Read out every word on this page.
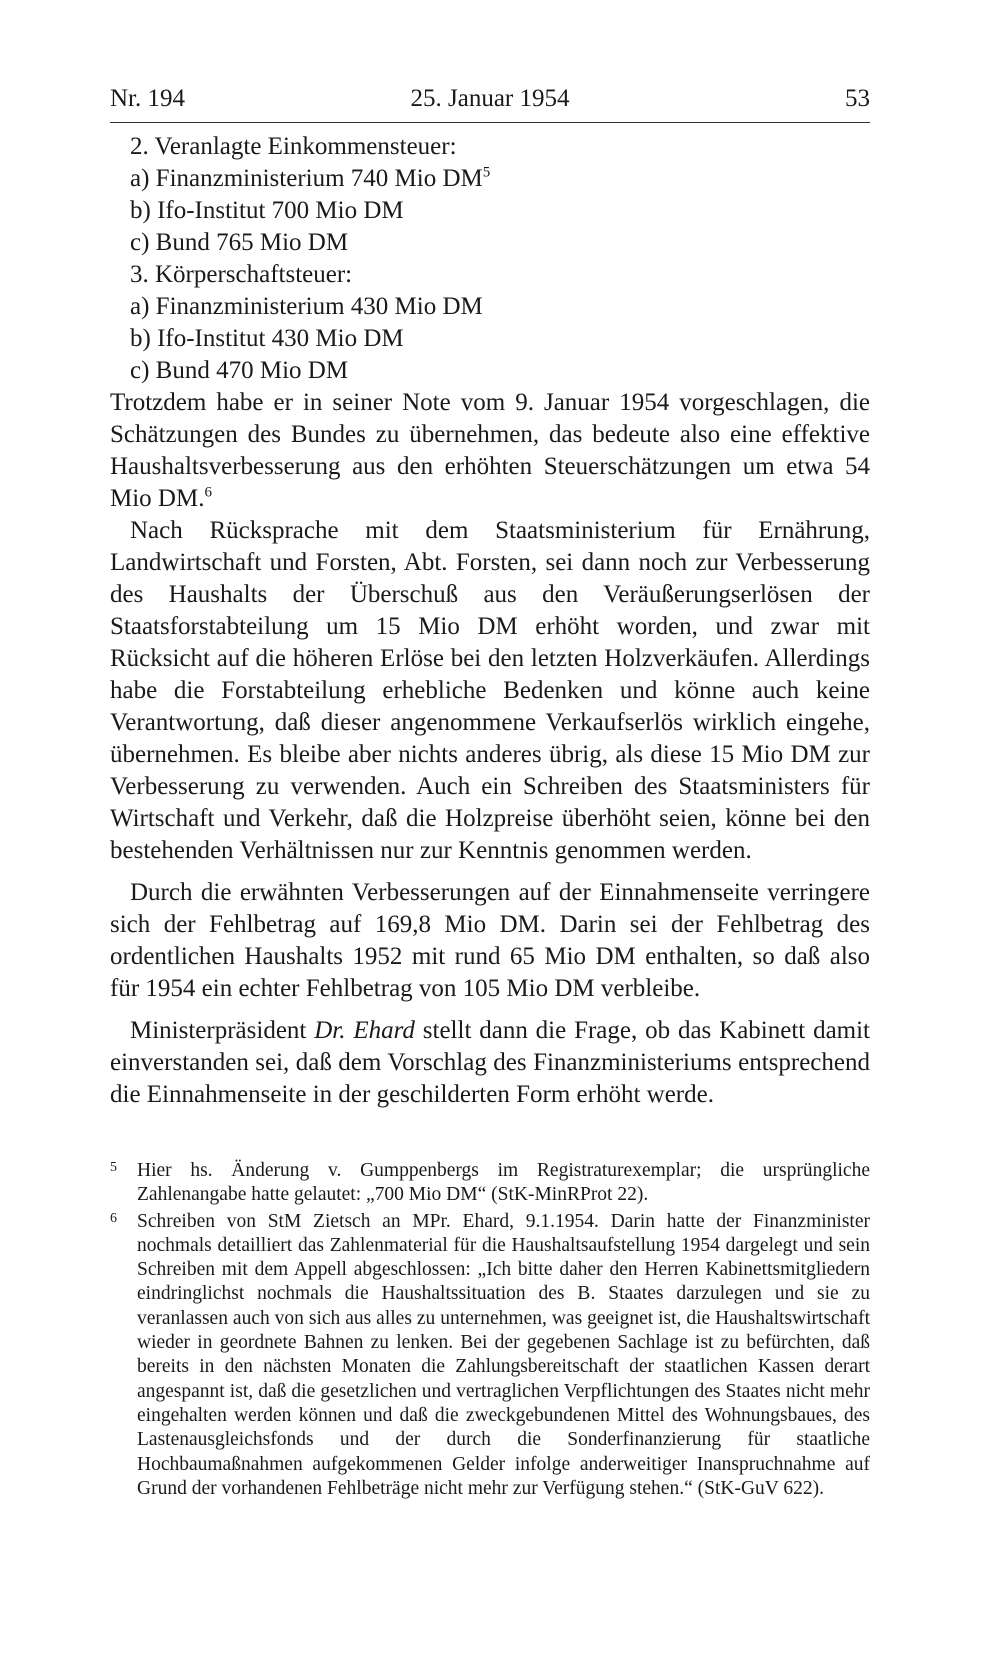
Nr. 194	25. Januar 1954	53
2. Veranlagte Einkommensteuer:
a) Finanzministerium 740 Mio $DM^5$
b) Ifo-Institut 700 Mio DM
c) Bund 765 Mio DM
3. Körperschaftsteuer:
a) Finanzministerium 430 Mio DM
b) Ifo-Institut 430 Mio DM
c) Bund 470 Mio DM

Trotzdem habe er in seiner Note vom 9. Januar 1954 vorgeschlagen, die Schätzungen des Bundes zu übernehmen, das bedeute also eine effektive Haushaltsverbesserung aus den erhöhten Steuerschätzungen um etwa 54 Mio DM.$^6$

Nach Rücksprache mit dem Staatsministerium für Ernährung, Landwirtschaft und Forsten, Abt. Forsten, sei dann noch zur Verbesserung des Haushalts der Überschuß aus den Veräußerungserlösen der Staatsforstabteilung um 15 Mio DM erhöht worden, und zwar mit Rücksicht auf die höheren Erlöse bei den letzten Holzverkäufen. Allerdings habe die Forstabteilung erhebliche Bedenken und könne auch keine Verantwortung, daß dieser angenommene Verkaufserlös wirklich eingehe, übernehmen. Es bleibe aber nichts anderes übrig, als diese 15 Mio DM zur Verbesserung zu verwenden. Auch ein Schreiben des Staatsministers für Wirtschaft und Verkehr, daß die Holzpreise überhöht seien, könne bei den bestehenden Verhältnissen nur zur Kenntnis genommen werden.

Durch die erwähnten Verbesserungen auf der Einnahmenseite verringere sich der Fehlbetrag auf 169,8 Mio DM. Darin sei der Fehlbetrag des ordentlichen Haushalts 1952 mit rund 65 Mio DM enthalten, so daß also für 1954 ein echter Fehlbetrag von 105 Mio DM verbleibe.

Ministerpräsident Dr. Ehard stellt dann die Frage, ob das Kabinett damit einverstanden sei, daß dem Vorschlag des Finanzministeriums entsprechend die Einnahmenseite in der geschilderten Form erhöht werde.

5 Hier hs. Änderung v. Gumppenbergs im Registraturexemplar; die ursprüngliche Zahlenangabe hatte gelautet: „700 Mio DM“ (StK-MinRProt 22).
6 Schreiben von StM Zietsch an MPr. Ehard, 9.1.1954. Darin hatte der Finanzminister nochmals detailliert das Zahlenmaterial für die Haushaltsaufstellung 1954 dargelegt und sein Schreiben mit dem Appell abgeschlossen: „Ich bitte daher den Herren Kabinettsmitgliedern eindringlichst nochmals die Haushaltssituation des B. Staates darzulegen und sie zu veranlassen auch von sich aus alles zu unternehmen, was geeignet ist, die Haushaltswirtschaft wieder in geordnete Bahnen zu lenken. Bei der gegebenen Sachlage ist zu befürchten, daß bereits in den nächsten Monaten die Zahlungsbereitschaft der staatlichen Kassen derart angespannt ist, daß die gesetzlichen und vertraglichen Verpflichtungen des Staates nicht mehr eingehalten werden können und daß die zweckgebundenen Mittel des Wohnungsbaues, des Lastenausgleichsfonds und der durch die Sonderfinanzierung für staatliche Hochbaumaßnahmen aufgekommenen Gelder infolge anderweitiger Inanspruchnahme auf Grund der vorhandenen Fehlbeträge nicht mehr zur Verfügung stehen.“ (StK-GuV 622).
